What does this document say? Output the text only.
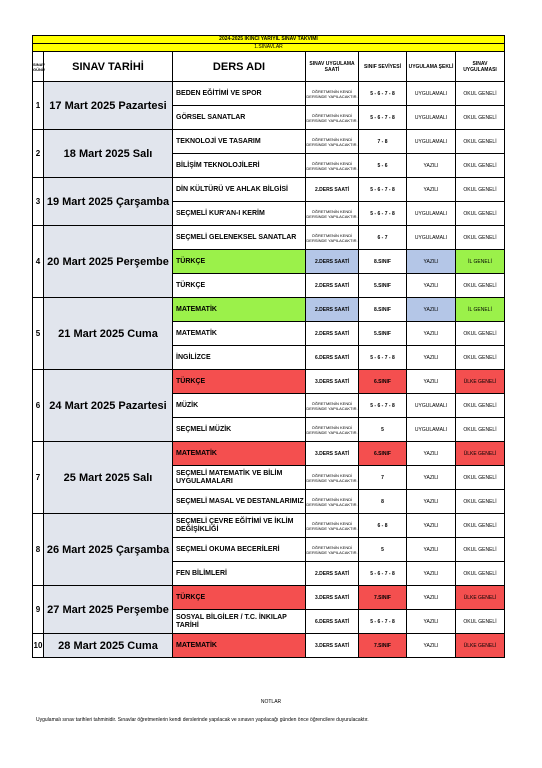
2024-2025 İKİNCİ YARIYIL SINAV TAKVİMİ						
1.SINAVLAR						
SINAV GÜNÜ	SINAV TARİHİ	DERS ADI	SINAV UYGULAMA SAATİ	SINIF SEVİYESİ	UYGULAMA ŞEKLİ	SINAV UYGULAMASI
1	17 Mart 2025 Pazartesi	BEDEN EĞİTİMİ VE SPOR	ÖĞRETMENİN KENDİ DERSİNDE YAPILACAKTIR.	5 - 6 - 7 - 8	UYGULAMALI	OKUL GENELİ
		GÖRSEL SANATLAR	ÖĞRETMENİN KENDİ DERSİNDE YAPILACAKTIR.	5 - 6 - 7 - 8	UYGULAMALI	OKUL GENELİ
2	18 Mart 2025 Salı	TEKNOLOJİ VE TASARIM	ÖĞRETMENİN KENDİ DERSİNDE YAPILACAKTIR.	7 - 8	UYGULAMALI	OKUL GENELİ
		BİLİŞİM TEKNOLOJİLERİ	ÖĞRETMENİN KENDİ DERSİNDE YAPILACAKTIR.	5 - 6	YAZILI	OKUL GENELİ
3	19 Mart 2025 Çarşamba	DİN KÜLTÜRÜ VE AHLAK BİLGİSİ	2.DERS SAATİ	5 - 6 - 7 - 8	YAZILI	OKUL GENELİ
		SEÇMELİ KUR'AN-I KERİM	ÖĞRETMENİN KENDİ DERSİNDE YAPILACAKTIR.	5 - 6 - 7 - 8	UYGULAMALI	OKUL GENELİ
4	20 Mart 2025 Perşembe	SEÇMELİ GELENEKSEL SANATLAR	ÖĞRETMENİN KENDİ DERSİNDE YAPILACAKTIR.	6 - 7	UYGULAMALI	OKUL GENELİ
		TÜRKÇE	2.DERS SAATİ	8.SINIF	YAZILI	İL GENELİ
		TÜRKÇE	2.DERS SAATİ	5.SINIF	YAZILI	OKUL GENELİ
5	21 Mart 2025 Cuma	MATEMATİK	2.DERS SAATİ	8.SINIF	YAZILI	İL GENELİ
		MATEMATİK	2.DERS SAATİ	5.SINIF	YAZILI	OKUL GENELİ
		İNGİLİZCE	6.DERS SAATİ	5 - 6 - 7 - 8	YAZILI	OKUL GENELİ
6	24 Mart 2025 Pazartesi	TÜRKÇE	3.DERS SAATİ	6.SINIF	YAZILI	ÜLKE GENELİ
		MÜZİK	ÖĞRETMENİN KENDİ DERSİNDE YAPILACAKTIR.	5 - 6 - 7 - 8	UYGULAMALI	OKUL GENELİ
		SEÇMELİ MÜZİK	ÖĞRETMENİN KENDİ DERSİNDE YAPILACAKTIR.	5	UYGULAMALI	OKUL GENELİ
7	25 Mart 2025 Salı	MATEMATİK	3.DERS SAATİ	6.SINIF	YAZILI	ÜLKE GENELİ
		SEÇMELİ MATEMATİK VE BİLİM UYGULAMALARI	ÖĞRETMENİN KENDİ DERSİNDE YAPILACAKTIR.	7	YAZILI	OKUL GENELİ
		SEÇMELİ MASAL VE DESTANLARIMIZ	ÖĞRETMENİN KENDİ DERSİNDE YAPILACAKTIR.	8	YAZILI	OKUL GENELİ
8	26 Mart 2025 Çarşamba	SEÇMELİ ÇEVRE EĞİTİMİ VE İKLİM DEĞİŞİKLİĞİ	ÖĞRETMENİN KENDİ DERSİNDE YAPILACAKTIR.	6 - 8	YAZILI	OKUL GENELİ
		SEÇMELİ OKUMA BECERİLERİ	ÖĞRETMENİN KENDİ DERSİNDE YAPILACAKTIR.	5	YAZILI	OKUL GENELİ
		FEN BİLİMLERİ	2.DERS SAATİ	5 - 6 - 7 - 8	YAZILI	OKUL GENELİ
9	27 Mart 2025 Perşembe	TÜRKÇE	3.DERS SAATİ	7.SINIF	YAZILI	ÜLKE GENELİ
		SOSYAL BİLGİLER / T.C. İNKILAP TARİHİ	6.DERS SAATİ	5 - 6 - 7 - 8	YAZILI	OKUL GENELİ
10	28 Mart 2025 Cuma	MATEMATİK	3.DERS SAATİ	7.SINIF	YAZILI	ÜLKE GENELİ
NOTLAR
Uygulamalı sınav tarihleri tahminidir. Sınavlar öğretmenlerin kendi derslerinde yapılacak ve sınavın yapılacağı günden önce öğrencilere duyurulacaktır.
